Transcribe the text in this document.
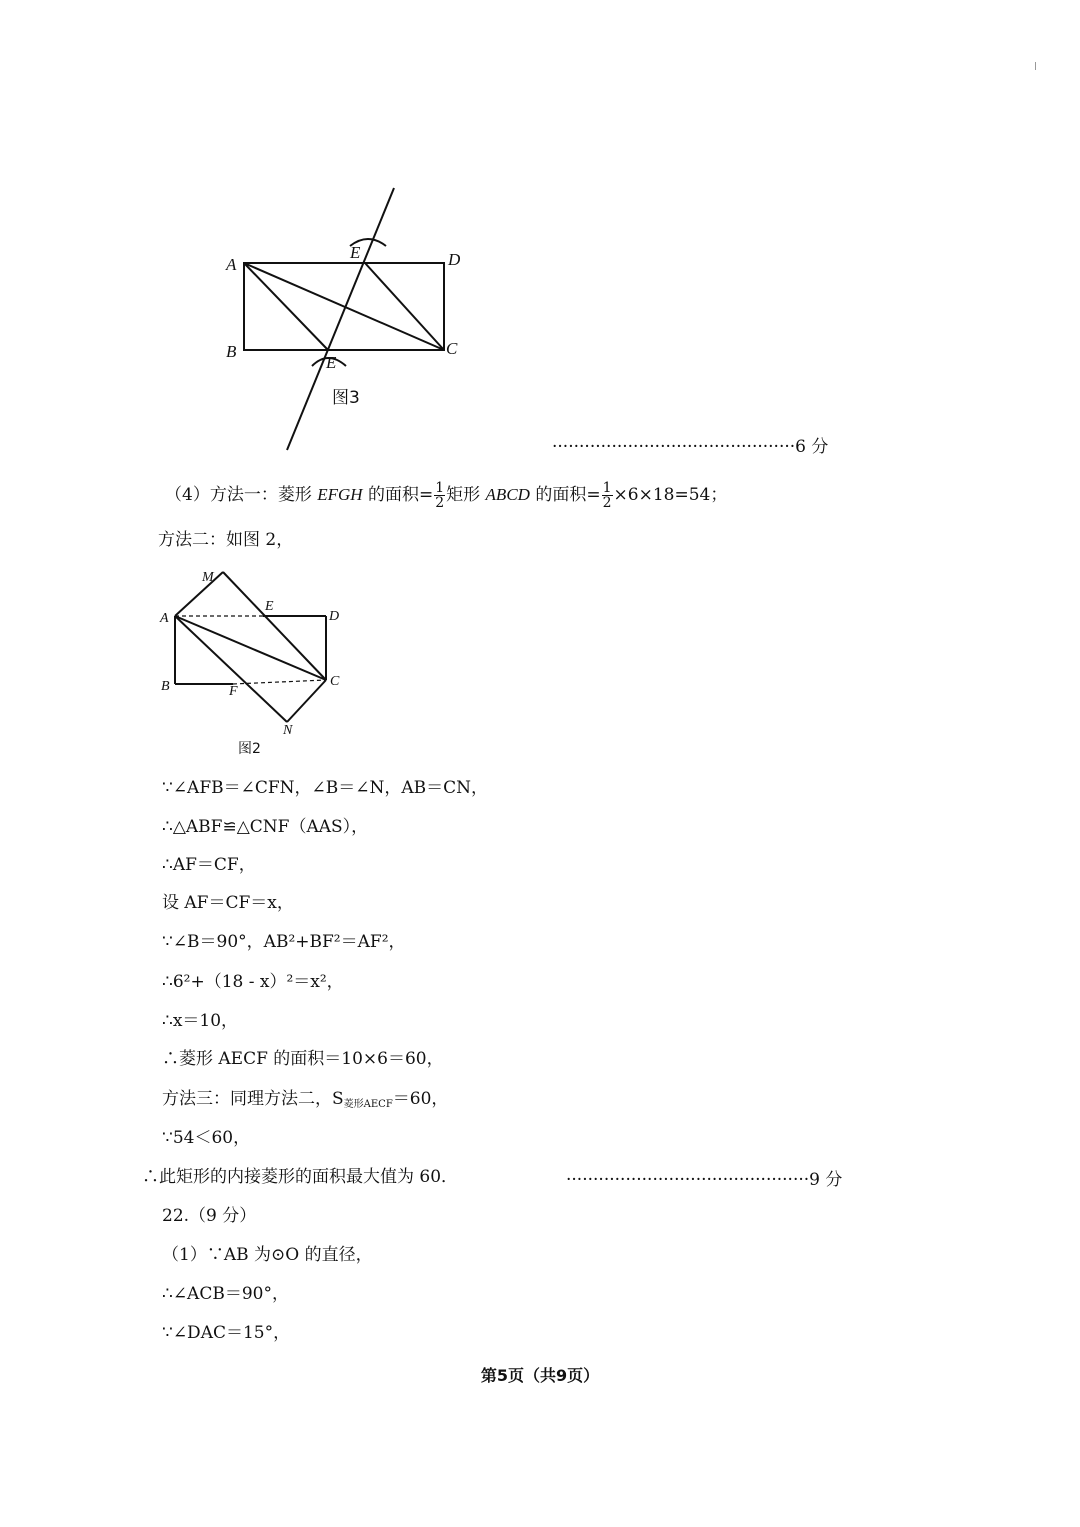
A
B	C
D
E
E
图3
·············································6 分
（4）方法一：菱形 EFGH 的面积= $\frac{1}{2}$ 矩形 ABCD 的面积= $\frac{1}{2} \times 6\times 18=54$；
方法二：如图 2，
M
A
E
D
B	F
C
N
图2
∵∠AFB＝∠CFN，∠B＝∠N，AB＝CN，
∴△ABF≌△CNF（AAS），
∴AF＝CF，
设 AF＝CF＝x，
∵∠B＝90°，AB²+BF²＝AF²，
∴6²+（18 - x）²＝x²，
∴x＝10，
∴菱形 AECF 的面积＝10×6＝60，
方法三：同理方法二，S菱形AECF＝60，
∵54＜60，
∴此矩形的内接菱形的面积最大值为 60．	·············································9 分
22.（9 分）
（1）∵AB 为⊙O 的直径，
∴∠ACB＝90°，
∵∠DAC＝15°，
第5页（共9页）
